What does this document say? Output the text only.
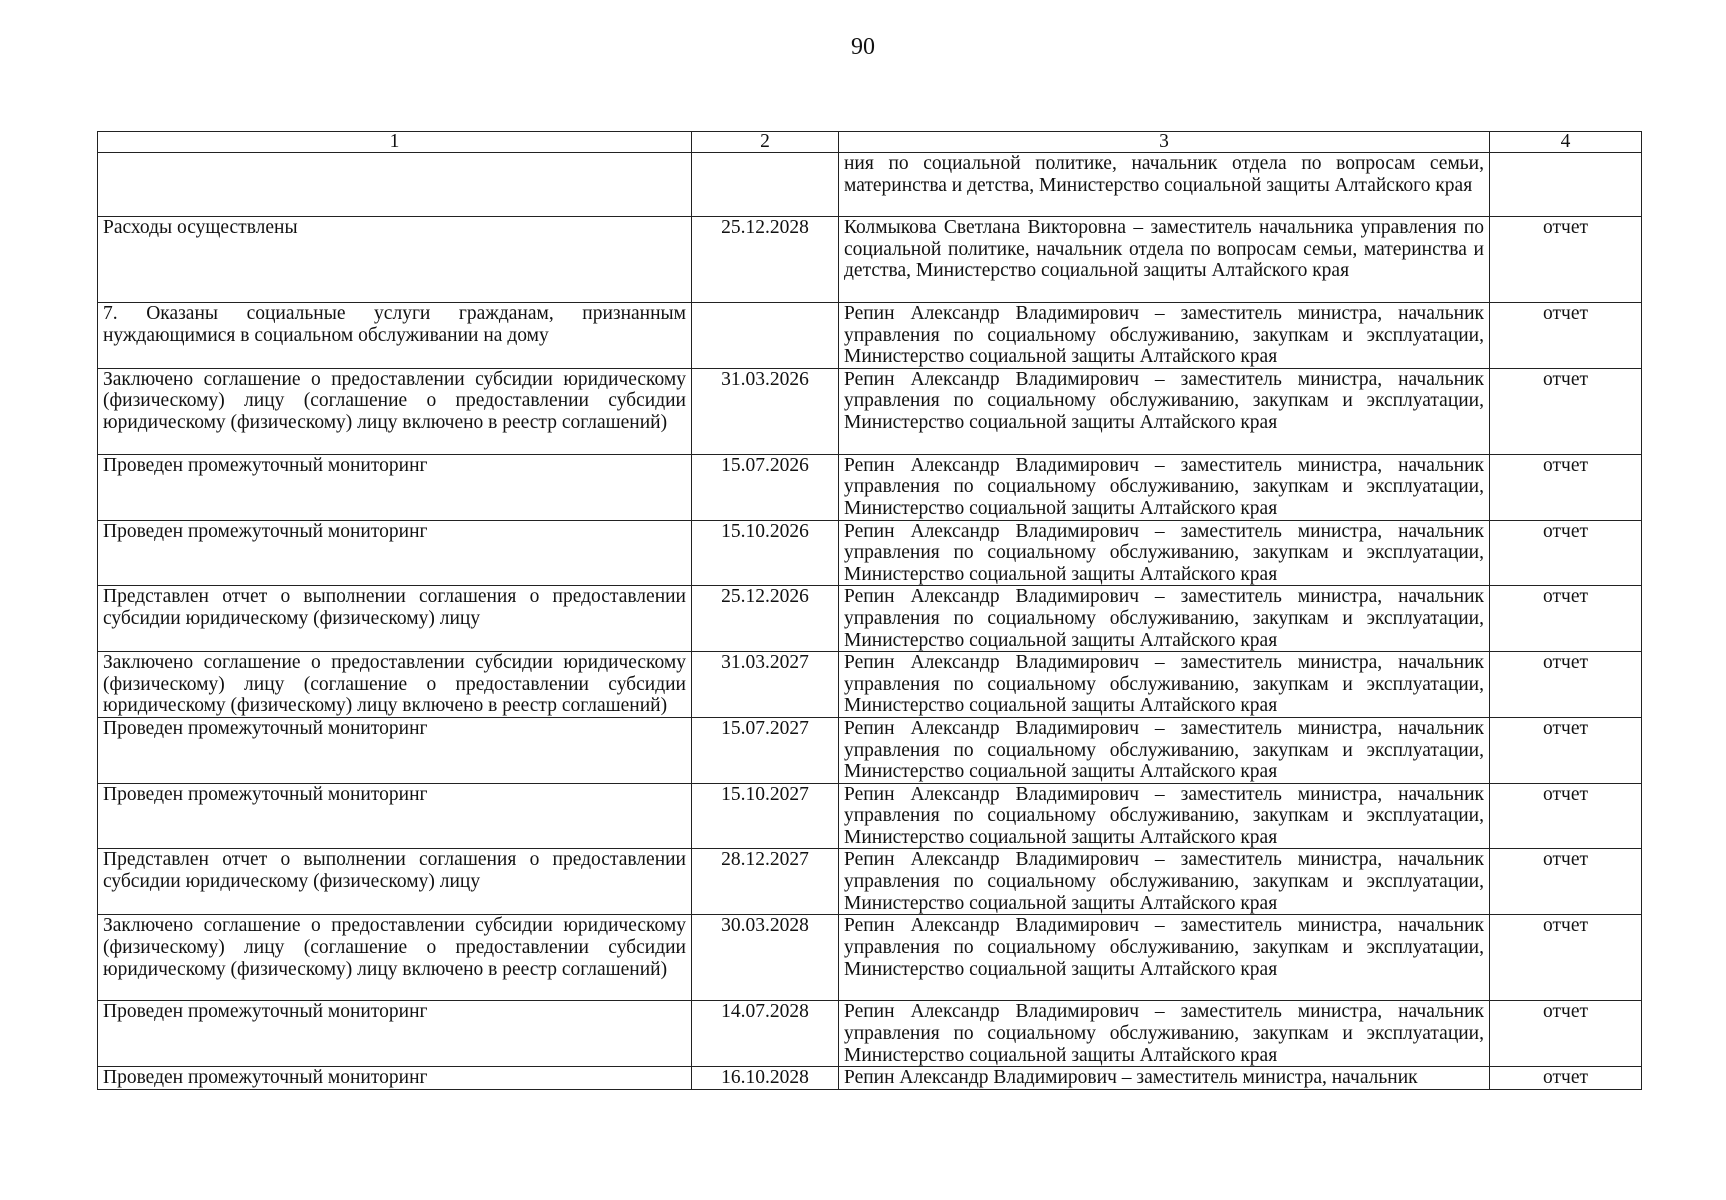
90
1	2	3	4
		ния по социальной политике, начальник отдела по вопросам семьи, материнства и детства, Министерство социальной защиты Алтайского края	
Расходы осуществлены	25.12.2028	Колмыкова Светлана Викторовна – заместитель начальника управления по социальной политике, начальник отдела по вопросам семьи, материнства и детства, Министерство социальной защиты Алтайского края	отчет
7. Оказаны социальные услуги гражданам, признанным нуждающимися в социальном обслуживании на дому		Репин Александр Владимирович – заместитель министра, начальник управления по социальному обслуживанию, закупкам и эксплуатации, Министерство социальной защиты Алтайского края	отчет
Заключено соглашение о предоставлении субсидии юридическому (физическому) лицу (соглашение о предоставлении субсидии юридическому (физическому) лицу включено в реестр соглашений)	31.03.2026	Репин Александр Владимирович – заместитель министра, начальник управления по социальному обслуживанию, закупкам и эксплуатации, Министерство социальной защиты Алтайского края	отчет
Проведен промежуточный мониторинг	15.07.2026	Репин Александр Владимирович – заместитель министра, начальник управления по социальному обслуживанию, закупкам и эксплуатации, Министерство социальной защиты Алтайского края	отчет
Проведен промежуточный мониторинг	15.10.2026	Репин Александр Владимирович – заместитель министра, начальник управления по социальному обслуживанию, закупкам и эксплуатации, Министерство социальной защиты Алтайского края	отчет
Представлен отчет о выполнении соглашения о предоставлении субсидии юридическому (физическому) лицу	25.12.2026	Репин Александр Владимирович – заместитель министра, начальник управления по социальному обслуживанию, закупкам и эксплуатации, Министерство социальной защиты Алтайского края	отчет
Заключено соглашение о предоставлении субсидии юридическому (физическому) лицу (соглашение о предоставлении субсидии юридическому (физическому) лицу включено в реестр соглашений)	31.03.2027	Репин Александр Владимирович – заместитель министра, начальник управления по социальному обслуживанию, закупкам и эксплуатации, Министерство социальной защиты Алтайского края	отчет
Проведен промежуточный мониторинг	15.07.2027	Репин Александр Владимирович – заместитель министра, начальник управления по социальному обслуживанию, закупкам и эксплуатации, Министерство социальной защиты Алтайского края	отчет
Проведен промежуточный мониторинг	15.10.2027	Репин Александр Владимирович – заместитель министра, начальник управления по социальному обслуживанию, закупкам и эксплуатации, Министерство социальной защиты Алтайского края	отчет
Представлен отчет о выполнении соглашения о предоставлении субсидии юридическому (физическому) лицу	28.12.2027	Репин Александр Владимирович – заместитель министра, начальник управления по социальному обслуживанию, закупкам и эксплуатации, Министерство социальной защиты Алтайского края	отчет
Заключено соглашение о предоставлении субсидии юридическому (физическому) лицу (соглашение о предоставлении субсидии юридическому (физическому) лицу включено в реестр соглашений)	30.03.2028	Репин Александр Владимирович – заместитель министра, начальник управления по социальному обслуживанию, закупкам и эксплуатации, Министерство социальной защиты Алтайского края	отчет
Проведен промежуточный мониторинг	14.07.2028	Репин Александр Владимирович – заместитель министра, начальник управления по социальному обслуживанию, закупкам и эксплуатации, Министерство социальной защиты Алтайского края	отчет
Проведен промежуточный мониторинг	16.10.2028	Репин Александр Владимирович – заместитель министра, начальник	отчет
